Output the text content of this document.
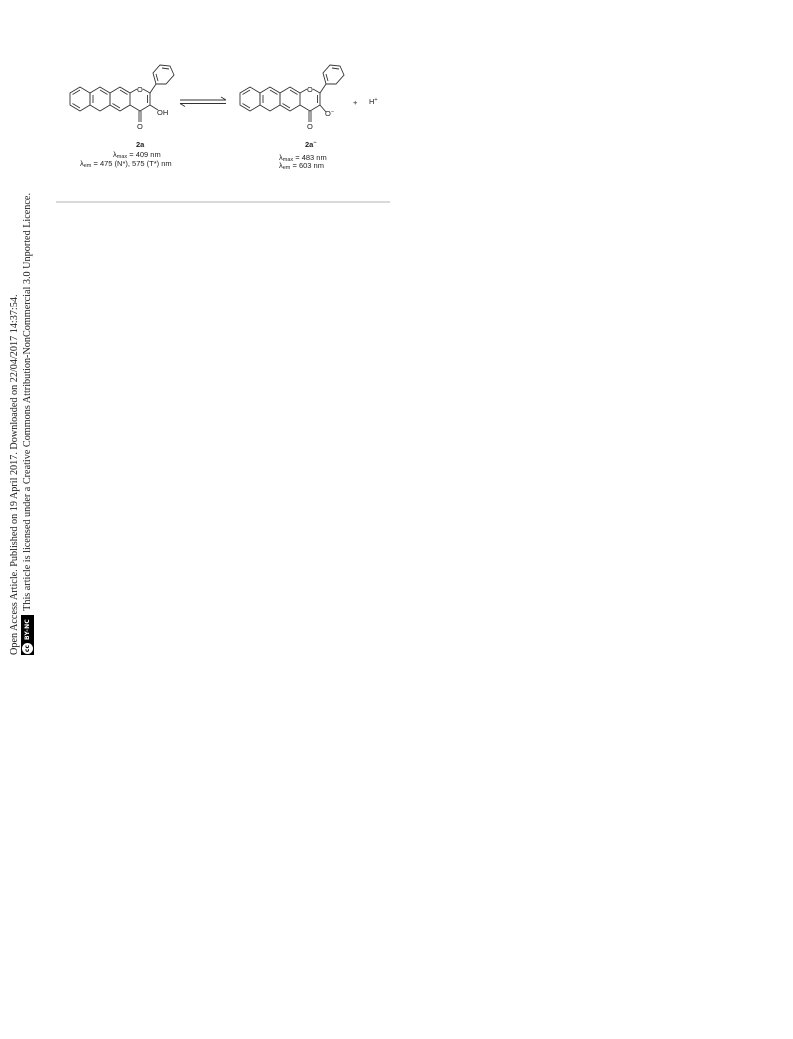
Open Access Article. Published on 19 April 2017. Downloaded on 22/04/2017 14:37:54. cc
BY-NC
This article is licensed under a Creative Commons Attribution-NonCommercial 3.0 Unported Licence.
O
O
OH
2a
λmax = 409 nm
λem = 475 (N*), 575 (T*) nm
O
O
O−
+ H+
2a−
λmax = 483 nm
λem = 603 nm
